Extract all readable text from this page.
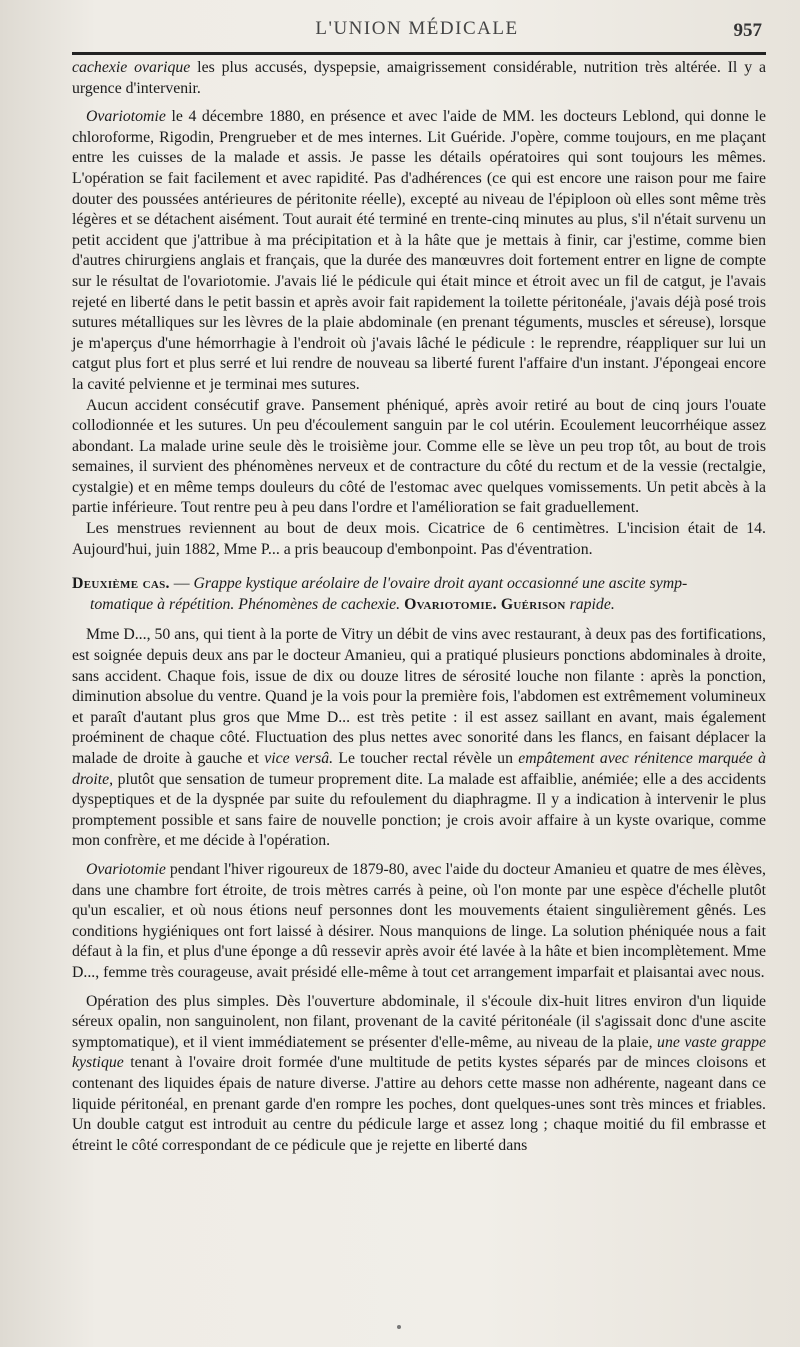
L'UNION MÉDICALE	957

cachexie ovarique les plus accusés, dyspepsie, amaigrissement considérable, nutrition très altérée. Il y a urgence d'intervenir.

Ovariotomie le 4 décembre 1880, en présence et avec l'aide de MM. les docteurs Leblond, qui donne le chloroforme, Rigodin, Prengrueber et de mes internes. Lit Guéride. J'opère, comme toujours, en me plaçant entre les cuisses de la malade et assis. Je passe les détails opératoires qui sont toujours les mêmes. L'opération se fait facilement et avec rapidité. Pas d'adhérences (ce qui est encore une raison pour me faire douter des poussées antérieures de péritonite réelle), excepté au niveau de l'épiploon où elles sont même très légères et se détachent aisément. Tout aurait été terminé en trente-cinq minutes au plus, s'il n'était survenu un petit accident que j'attribue à ma précipitation et à la hâte que je mettais à finir, car j'estime, comme bien d'autres chirurgiens anglais et français, que la durée des manœuvres doit fortement entrer en ligne de compte sur le résultat de l'ovariotomie. J'avais lié le pédicule qui était mince et étroit avec un fil de catgut, je l'avais rejeté en liberté dans le petit bassin et après avoir fait rapidement la toilette péritonéale, j'avais déjà posé trois sutures métalliques sur les lèvres de la plaie abdominale (en prenant téguments, muscles et séreuse), lorsque je m'aperçus d'une hémorrhagie à l'endroit où j'avais lâché le pédicule : le reprendre, réappliquer sur lui un catgut plus fort et plus serré et lui rendre de nouveau sa liberté furent l'affaire d'un instant. J'épongeai encore la cavité pelvienne et je terminai mes sutures.

Aucun accident consécutif grave. Pansement phéniqué, après avoir retiré au bout de cinq jours l'ouate collodionnée et les sutures. Un peu d'écoulement sanguin par le col utérin. Ecoulement leucorrhéique assez abondant. La malade urine seule dès le troisième jour. Comme elle se lève un peu trop tôt, au bout de trois semaines, il survient des phénomènes nerveux et de contracture du côté du rectum et de la vessie (rectalgie, cystalgie) et en même temps douleurs du côté de l'estomac avec quelques vomissements. Un petit abcès à la partie inférieure. Tout rentre peu à peu dans l'ordre et l'amélioration se fait graduellement.

Les menstrues reviennent au bout de deux mois. Cicatrice de 6 centimètres. L'incision était de 14. Aujourd'hui, juin 1882, Mme P... a pris beaucoup d'embonpoint. Pas d'éventration.

Deuxième cas. — Grappe kystique aréolaire de l'ovaire droit ayant occasionné une ascite symp-
tomatique à répétition. Phénomènes de cachexie. Ovariotomie. Guérison rapide.

Mme D..., 50 ans, qui tient à la porte de Vitry un débit de vins avec restaurant, à deux pas des fortifications, est soignée depuis deux ans par le docteur Amanieu, qui a pratiqué plusieurs ponctions abdominales à droite, sans accident. Chaque fois, issue de dix ou douze litres de sérosité louche non filante : après la ponction, diminution absolue du ventre. Quand je la vois pour la première fois, l'abdomen est extrêmement volumineux et paraît d'autant plus gros que Mme D... est très petite : il est assez saillant en avant, mais également proéminent de chaque côté. Fluctuation des plus nettes avec sonorité dans les flancs, en faisant déplacer la malade de droite à gauche et vice versâ. Le toucher rectal révèle un empâtement avec rénitence marquée à droite, plutôt que sensation de tumeur proprement dite. La malade est affaiblie, anémiée; elle a des accidents dyspeptiques et de la dyspnée par suite du refoulement du diaphragme. Il y a indication à intervenir le plus promptement possible et sans faire de nouvelle ponction; je crois avoir affaire à un kyste ovarique, comme mon confrère, et me décide à l'opération.

Ovariotomie pendant l'hiver rigoureux de 1879-80, avec l'aide du docteur Amanieu et quatre de mes élèves, dans une chambre fort étroite, de trois mètres carrés à peine, où l'on monte par une espèce d'échelle plutôt qu'un escalier, et où nous étions neuf personnes dont les mouvements étaient singulièrement gênés. Les conditions hygiéniques ont fort laissé à désirer. Nous manquions de linge. La solution phéniquée nous a fait défaut à la fin, et plus d'une éponge a dû ressevir après avoir été lavée à la hâte et bien incomplètement. Mme D..., femme très courageuse, avait présidé elle-même à tout cet arrangement imparfait et plaisantai avec nous.

Opération des plus simples. Dès l'ouverture abdominale, il s'écoule dix-huit litres environ d'un liquide séreux opalin, non sanguinolent, non filant, provenant de la cavité péritonéale (il s'agissait donc d'une ascite symptomatique), et il vient immédiatement se présenter d'elle-même, au niveau de la plaie, une vaste grappe kystique tenant à l'ovaire droit formée d'une multitude de petits kystes séparés par de minces cloisons et contenant des liquides épais de nature diverse. J'attire au dehors cette masse non adhérente, nageant dans ce liquide péritonéal, en prenant garde d'en rompre les poches, dont quelques-unes sont très minces et friables. Un double catgut est introduit au centre du pédicule large et assez long ; chaque moitié du fil embrasse et étreint le côté correspondant de ce pédicule que je rejette en liberté dans
